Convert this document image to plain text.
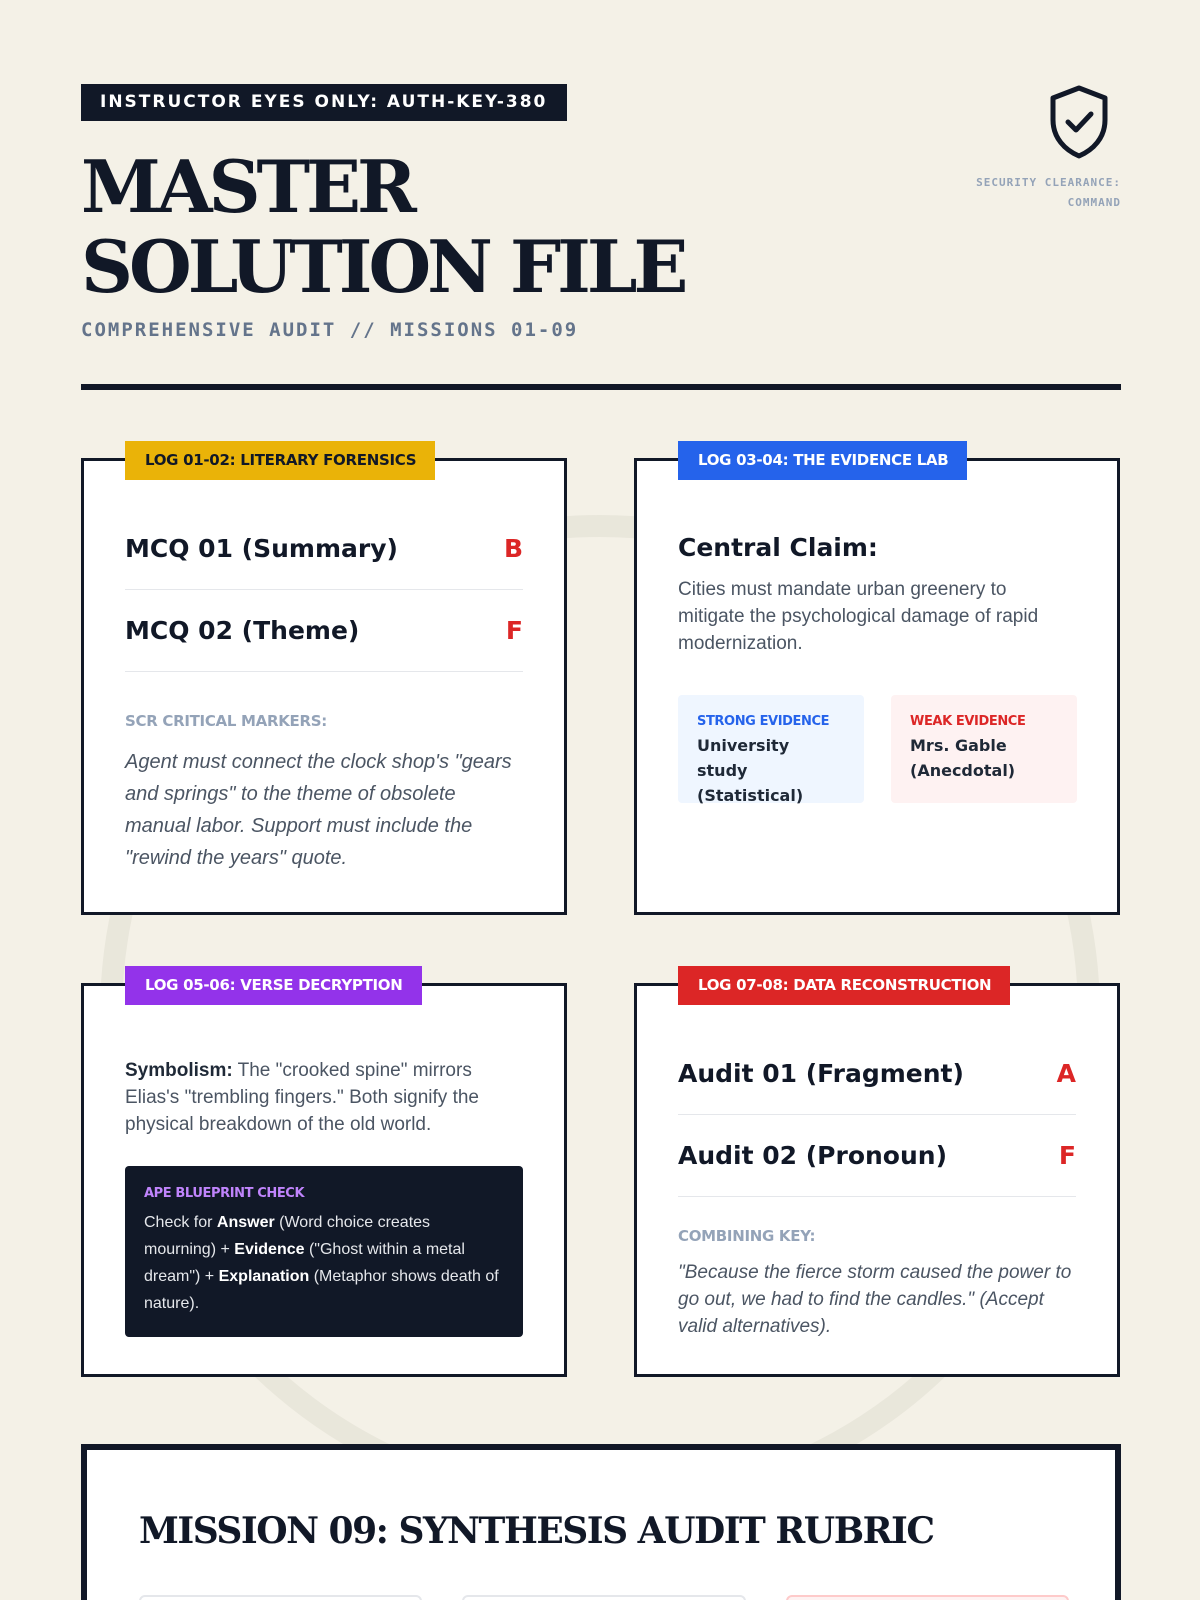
INSTRUCTOR EYES ONLY: AUTH-KEY-380
MASTER SOLUTION FILE
COMPREHENSIVE AUDIT // MISSIONS 01-09
SECURITY CLEARANCE:
COMMAND
LOG 01-02: LITERARY FORENSICS
MCQ 01 (Summary)	B
MCQ 02 (Theme)	F
SCR CRITICAL MARKERS:

Agent must connect the clock shop's "gears and springs" to the theme of obsolete manual labor. Support must include the "rewind the years" quote.

LOG 03-04: THE EVIDENCE LAB
Central Claim:

Cities must mandate urban greenery to mitigate the psychological damage of rapid modernization.

STRONG EVIDENCE
University study
(Statistical)
WEAK EVIDENCE
Mrs. Gable
(Anecdotal)
LOG 05-06: VERSE DECRYPTION

Symbolism: The "crooked spine" mirrors Elias's "trembling fingers." Both signify the physical breakdown of the old world.

APE BLUEPRINT CHECK

Check for Answer (Word choice creates mourning) + Evidence ("Ghost within a metal dream") + Explanation (Metaphor shows death of nature).

LOG 07-08: DATA RECONSTRUCTION
Audit 01 (Fragment)	A
Audit 02 (Pronoun)	F
COMBINING KEY:

"Because the fierce storm caused the power to go out, we had to find the candles." (Accept valid alternatives).

MISSION 09: SYNTHESIS AUDIT RUBRIC
